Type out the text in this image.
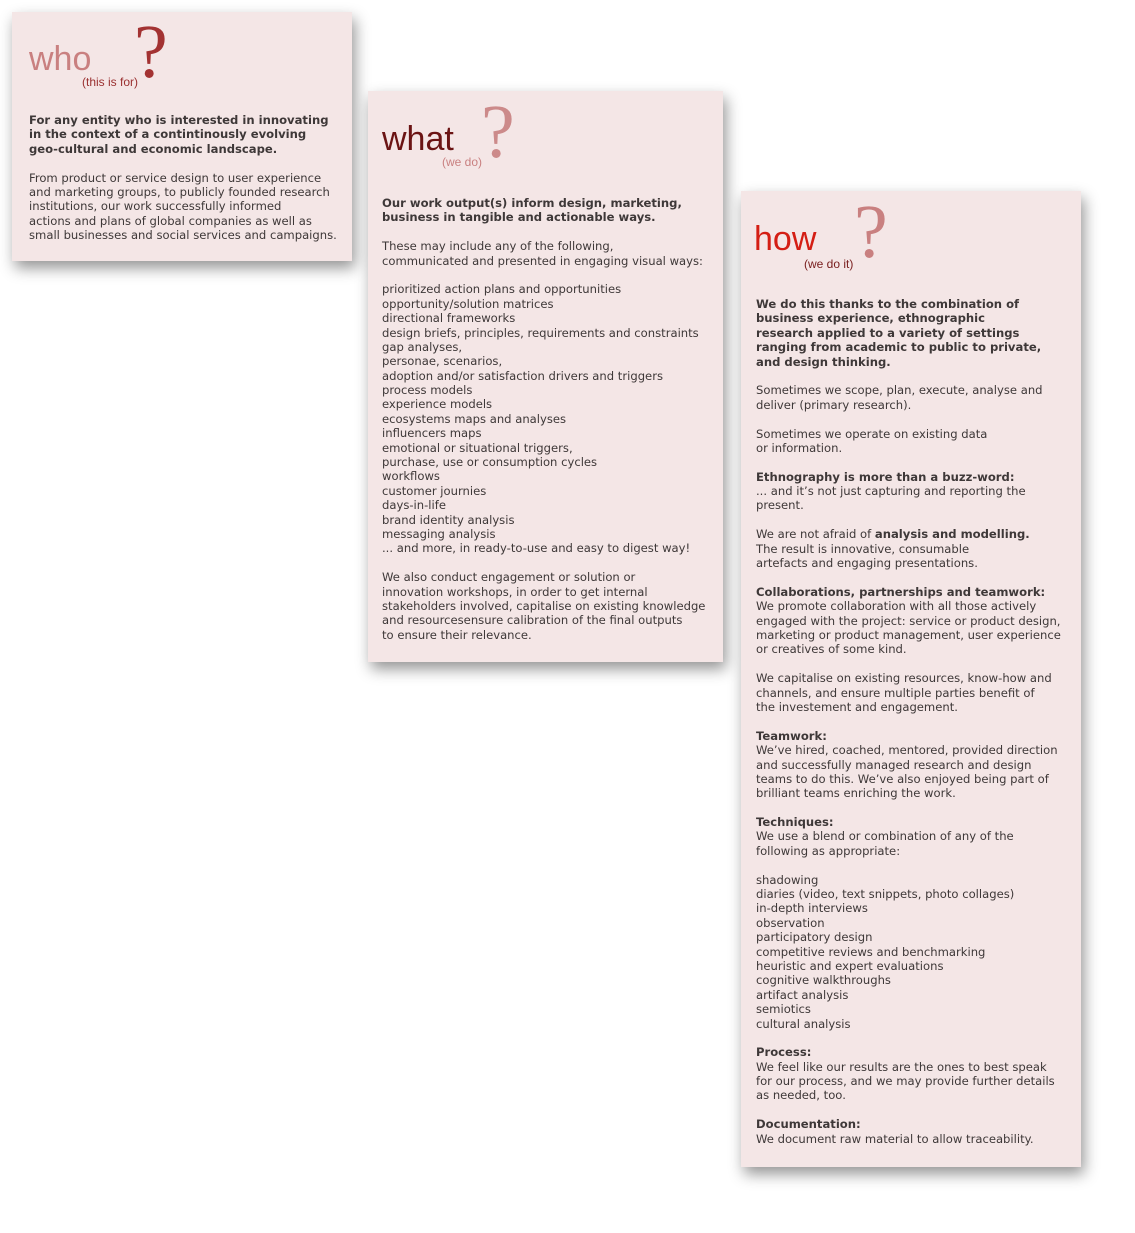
who
(this is for)
?
For any entity who is interested in innovating
in the context of a contintinously evolving
geo-cultural and economic landscape.
From product or service design to user experience
and marketing groups, to publicly founded research
institutions, our work successfully informed
actions and plans of global companies as well as
small businesses and social services and campaigns.
what
(we do)
?
Our work output(s) inform design, marketing,
business in tangible and actionable ways.
These may include any of the following,
communicated and presented in engaging visual ways:
prioritized action plans and opportunities
opportunity/solution matrices
directional frameworks
design briefs, principles, requirements and constraints
gap analyses,
personae, scenarios,
adoption and/or satisfaction drivers and triggers
process models
experience models
ecosystems maps and analyses
influencers maps
emotional or situational triggers,
purchase, use or consumption cycles
workflows
customer journies
days-in-life
brand identity analysis
messaging analysis
... and more, in ready-to-use and easy to digest way!
We also conduct engagement or solution or
innovation workshops, in order to get internal
stakeholders involved, capitalise on existing knowledge
and resourcesensure calibration of the final outputs
to ensure their relevance.
how
(we do it) ?
We do this thanks to the combination of
business experience, ethnographic
research applied to a variety of settings
ranging from academic to public to private,
and design thinking.
Sometimes we scope, plan, execute, analyse and
deliver (primary research).
Sometimes we operate on existing data
or information.
Ethnography is more than a buzz-word:
... and it’s not just capturing and reporting the
present.
We are not afraid of analysis and modelling.
The result is innovative, consumable
artefacts and engaging presentations.
Collaborations, partnerships and teamwork:
We promote collaboration with all those actively
engaged with the project: service or product design,
marketing or product management, user experience
or creatives of some kind.
We capitalise on existing resources, know-how and
channels, and ensure multiple parties benefit of
the investement and engagement.
Teamwork:
We’ve hired, coached, mentored, provided direction
and successfully managed research and design
teams to do this. We’ve also enjoyed being part of
brilliant teams enriching the work.
Techniques:
We use a blend or combination of any of the
following as appropriate:
shadowing
diaries (video, text snippets, photo collages)
in-depth interviews
observation
participatory design
competitive reviews and benchmarking
heuristic and expert evaluations
cognitive walkthroughs
artifact analysis
semiotics
cultural analysis
Process:
We feel like our results are the ones to best speak
for our process, and we may provide further details
as needed, too.
Documentation:
We document raw material to allow traceability.
